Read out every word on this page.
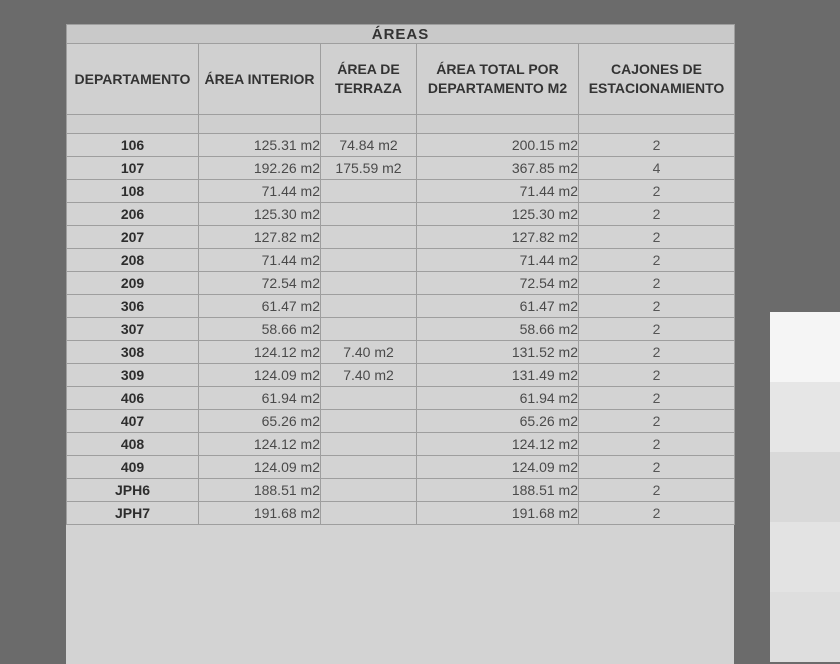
ÁREAS				
DEPARTAMENTO	ÁREA INTERIOR	ÁREA DE TERRAZA	ÁREA TOTAL POR DEPARTAMENTO M2	CAJONES DE ESTACIONAMIENTO

106	125.31 m2	74.84 m2	200.15 m2	2
107	192.26 m2	175.59 m2	367.85 m2	4
108	71.44 m2		71.44 m2	2
206	125.30 m2		125.30 m2	2
207	127.82 m2		127.82 m2	2
208	71.44 m2		71.44 m2	2
209	72.54 m2		72.54 m2	2
306	61.47 m2		61.47 m2	2
307	58.66 m2		58.66 m2	2
308	124.12 m2	7.40 m2	131.52 m2	2
309	124.09 m2	7.40 m2	131.49 m2	2
406	61.94 m2		61.94 m2	2
407	65.26 m2		65.26 m2	2
408	124.12 m2		124.12 m2	2
409	124.09 m2		124.09 m2	2
JPH6	188.51 m2		188.51 m2	2
JPH7	191.68 m2		191.68 m2	2
